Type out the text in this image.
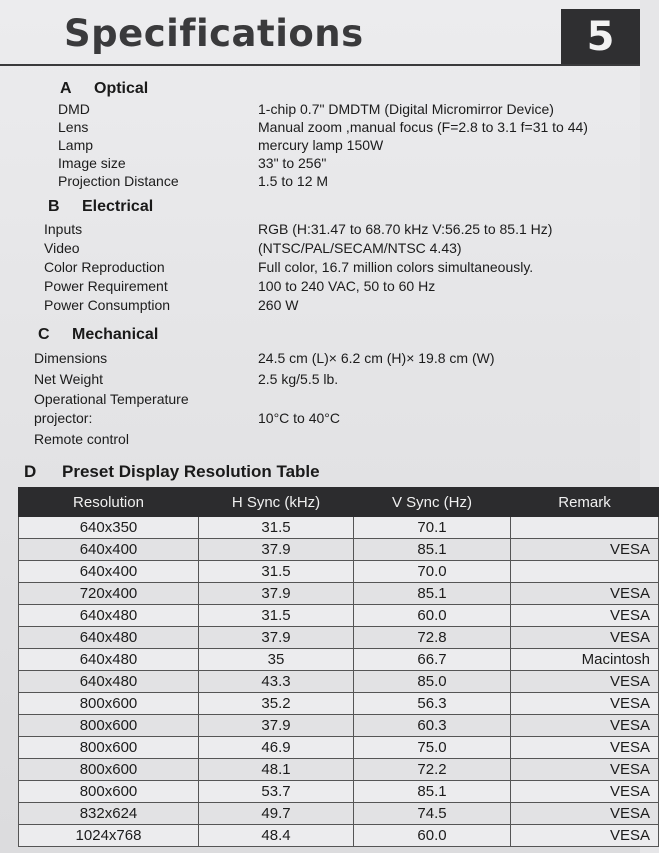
Specifications	5
A Optical
DMD	1-chip 0.7" DMDTM (Digital Micromirror Device)
Lens	Manual zoom ,manual focus (F=2.8 to 3.1 f=31 to 44)
Lamp	mercury lamp 150W
Image size	33" to 256"
Projection Distance	1.5 to 12 M
B Electrical
Inputs	RGB (H:31.47 to 68.70 kHz V:56.25 to 85.1 Hz)
Video	(NTSC/PAL/SECAM/NTSC 4.43)
Color Reproduction	Full color, 16.7 million colors simultaneously.
Power Requirement	100 to 240 VAC, 50 to 60 Hz
Power Consumption	260 W
C Mechanical
Dimensions	24.5 cm (L)× 6.2 cm (H)× 19.8 cm (W)
Net Weight	2.5 kg/5.5 lb.
Operational Temperature
projector:	10°C to 40°C
Remote control
D Preset Display Resolution Table
Resolution	H Sync (kHz)	V Sync (Hz)	Remark
640x350	31.5	70.1	
640x400	37.9	85.1	VESA
640x400	31.5	70.0	
720x400	37.9	85.1	VESA
640x480	31.5	60.0	VESA
640x480	37.9	72.8	VESA
640x480	35	66.7	Macintosh
640x480	43.3	85.0	VESA
800x600	35.2	56.3	VESA
800x600	37.9	60.3	VESA
800x600	46.9	75.0	VESA
800x600	48.1	72.2	VESA
800x600	53.7	85.1	VESA
832x624	49.7	74.5	VESA
1024x768	48.4	60.0	VESA
